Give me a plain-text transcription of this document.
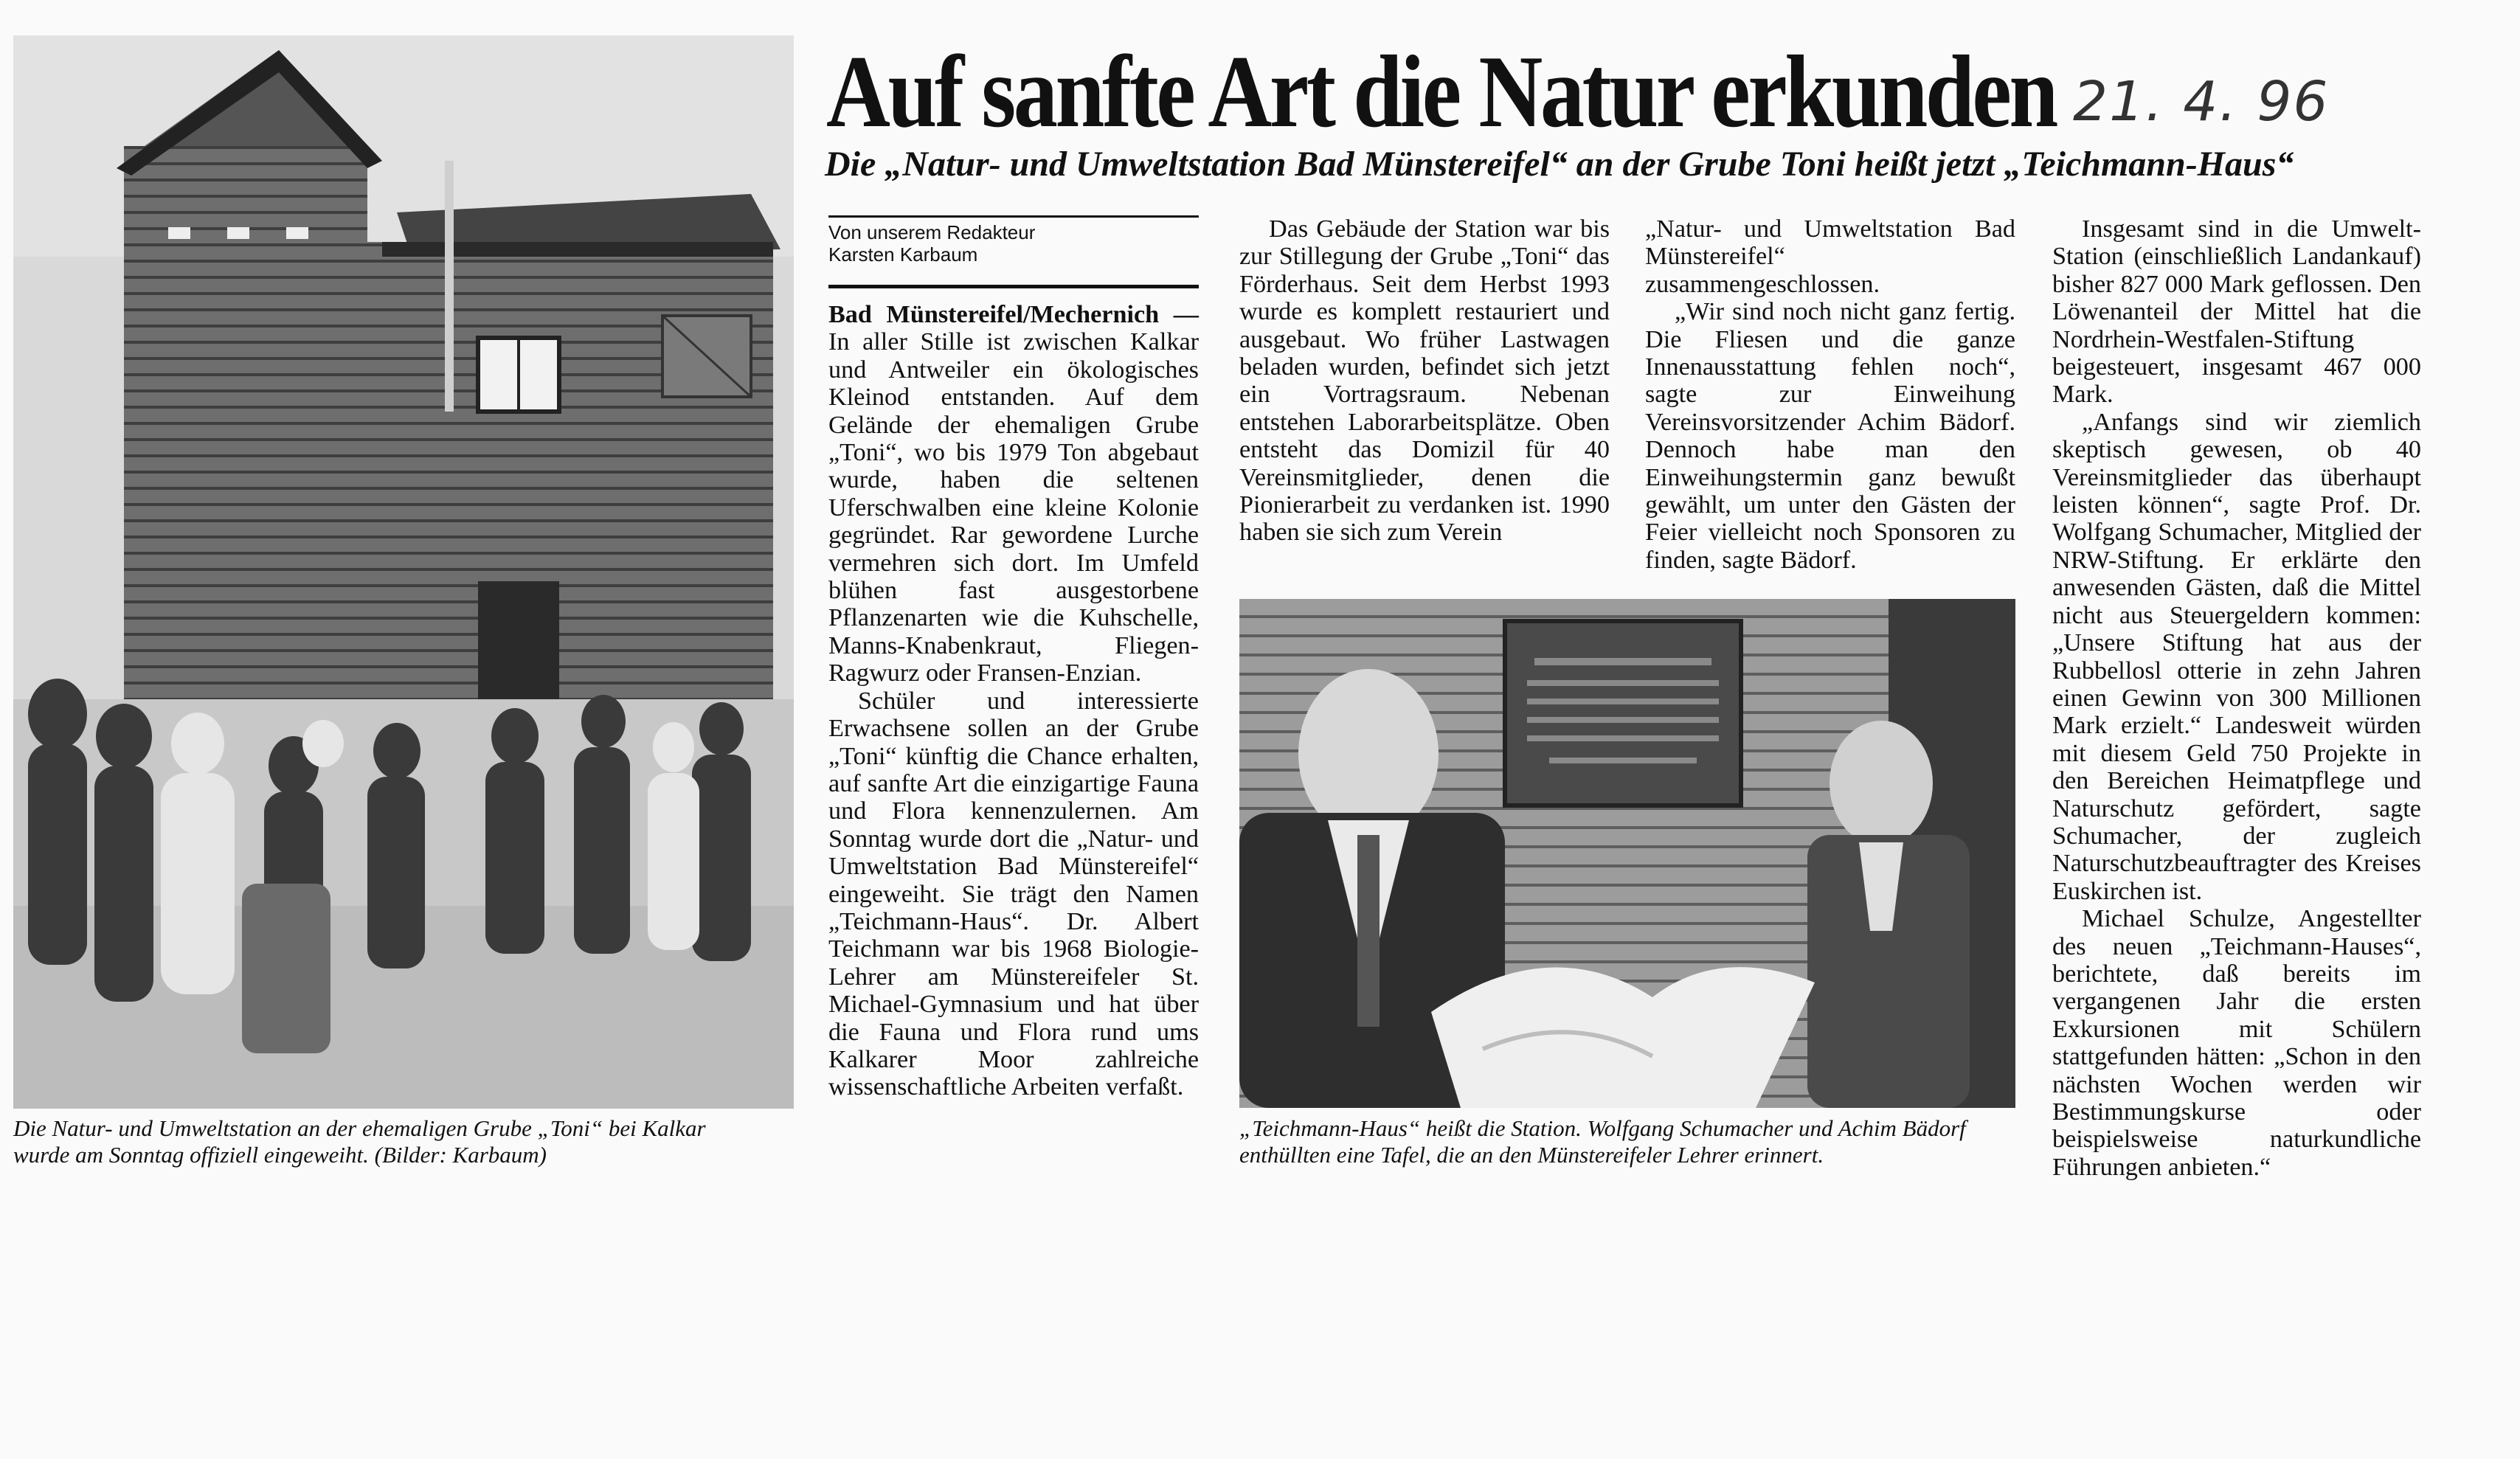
Die Natur- und Umweltstation an der ehemaligen Grube „Toni“ bei Kalkar wurde am Sonntag offiziell eingeweiht. (Bilder: Karbaum)
Auf sanfte Art die Natur erkunden 21. 4. 96
Die „Natur- und Umweltstation Bad Münstereifel“ an der Grube Toni heißt jetzt „Teichmann-Haus“
Von unserem Redakteur
Karsten Karbaum

Bad Münstereifel/Mechernich — In aller Stille ist zwischen Kalkar und Antweiler ein ökologisches Kleinod entstanden. Auf dem Gelände der ehemaligen Grube „Toni“, wo bis 1979 Ton abgebaut wurde, haben die seltenen Uferschwalben eine kleine Kolonie gegründet. Rar gewordene Lurche vermehren sich dort. Im Umfeld blühen fast ausgestorbene Pflanzenarten wie die Kuhschelle, Manns-Knabenkraut, Fliegen-Ragwurz oder Fransen-Enzian.

Schüler und interessierte Erwachsene sollen an der Grube „Toni“ künftig die Chance erhalten, auf sanfte Art die einzigartige Fauna und Flora kennenzulernen. Am Sonntag wurde dort die „Natur- und Umweltstation Bad Münstereifel“ eingeweiht. Sie trägt den Namen „Teichmann-Haus“. Dr. Albert Teichmann war bis 1968 Biologie-Lehrer am Münstereifeler St. Michael-Gymnasium und hat über die Fauna und Flora rund ums Kalkarer Moor zahlreiche wissenschaftliche Arbeiten verfaßt.

Das Gebäude der Station war bis zur Stillegung der Grube „Toni“ das Förderhaus. Seit dem Herbst 1993 wurde es komplett restauriert und ausgebaut. Wo früher Lastwagen beladen wurden, befindet sich jetzt ein Vortragsraum. Nebenan entstehen Laborarbeitsplätze. Oben entsteht das Domizil für 40 Vereinsmitglieder, denen die Pionierarbeit zu verdanken ist. 1990 haben sie sich zum Verein

„Natur- und Umweltstation Bad Münstereifel“ zusammengeschlossen.

„Wir sind noch nicht ganz fertig. Die Fliesen und die ganze Innenausstattung fehlen noch“, sagte zur Einweihung Vereinsvorsitzender Achim Bädorf. Dennoch habe man den Einweihungstermin ganz bewußt gewählt, um unter den Gästen der Feier vielleicht noch Sponsoren zu finden, sagte Bädorf.

Insgesamt sind in die Umwelt-Station (einschließlich Landankauf) bisher 827 000 Mark geflossen. Den Löwenanteil der Mittel hat die Nordrhein-Westfalen-Stiftung beigesteuert, insgesamt 467 000 Mark.

„Anfangs sind wir ziemlich skeptisch gewesen, ob 40 Vereinsmitglieder das überhaupt leisten können“, sagte Prof. Dr. Wolfgang Schumacher, Mitglied der NRW-Stiftung. Er erklärte den anwesenden Gästen, daß die Mittel nicht aus Steuergeldern kommen: „Unsere Stiftung hat aus der Rubbellosl otterie in zehn Jahren einen Gewinn von 300 Millionen Mark erzielt.“ Landesweit würden mit diesem Geld 750 Projekte in den Bereichen Heimatpflege und Naturschutz gefördert, sagte Schumacher, der zugleich Naturschutzbeauftragter des Kreises Euskirchen ist.

Michael Schulze, Angestellter des neuen „Teichmann-Hauses“, berichtete, daß bereits im vergangenen Jahr die ersten Exkursionen mit Schülern stattgefunden hätten: „Schon in den nächsten Wochen werden wir Bestimmungskurse oder beispielsweise naturkundliche Führungen anbieten.“

„Teichmann-Haus“ heißt die Station. Wolfgang Schumacher und Achim Bädorf enthüllten eine Tafel, die an den Münstereifeler Lehrer erinnert.
